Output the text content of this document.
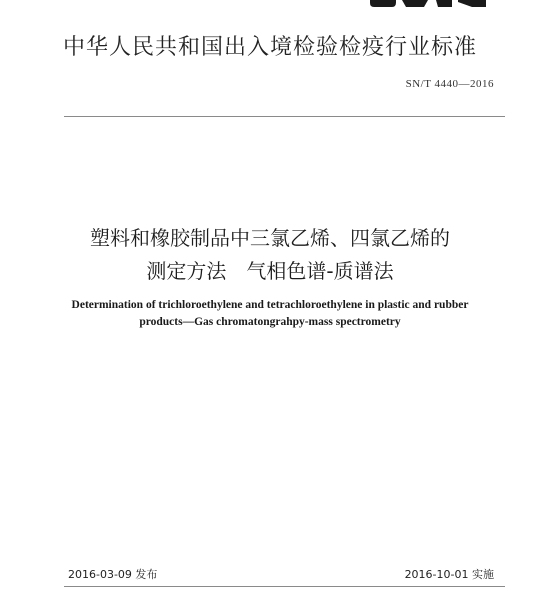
中华人民共和国出入境检验检疫行业标准
SN/T 4440—2016
塑料和橡胶制品中三氯乙烯、四氯乙烯的
测定方法　气相色谱-质谱法
Determination of trichloroethylene and tetrachloroethylene in plastic and rubber
products—Gas chromatongrahpy-mass spectrometry
2016-03-09 发布	2016-10-01 实施
